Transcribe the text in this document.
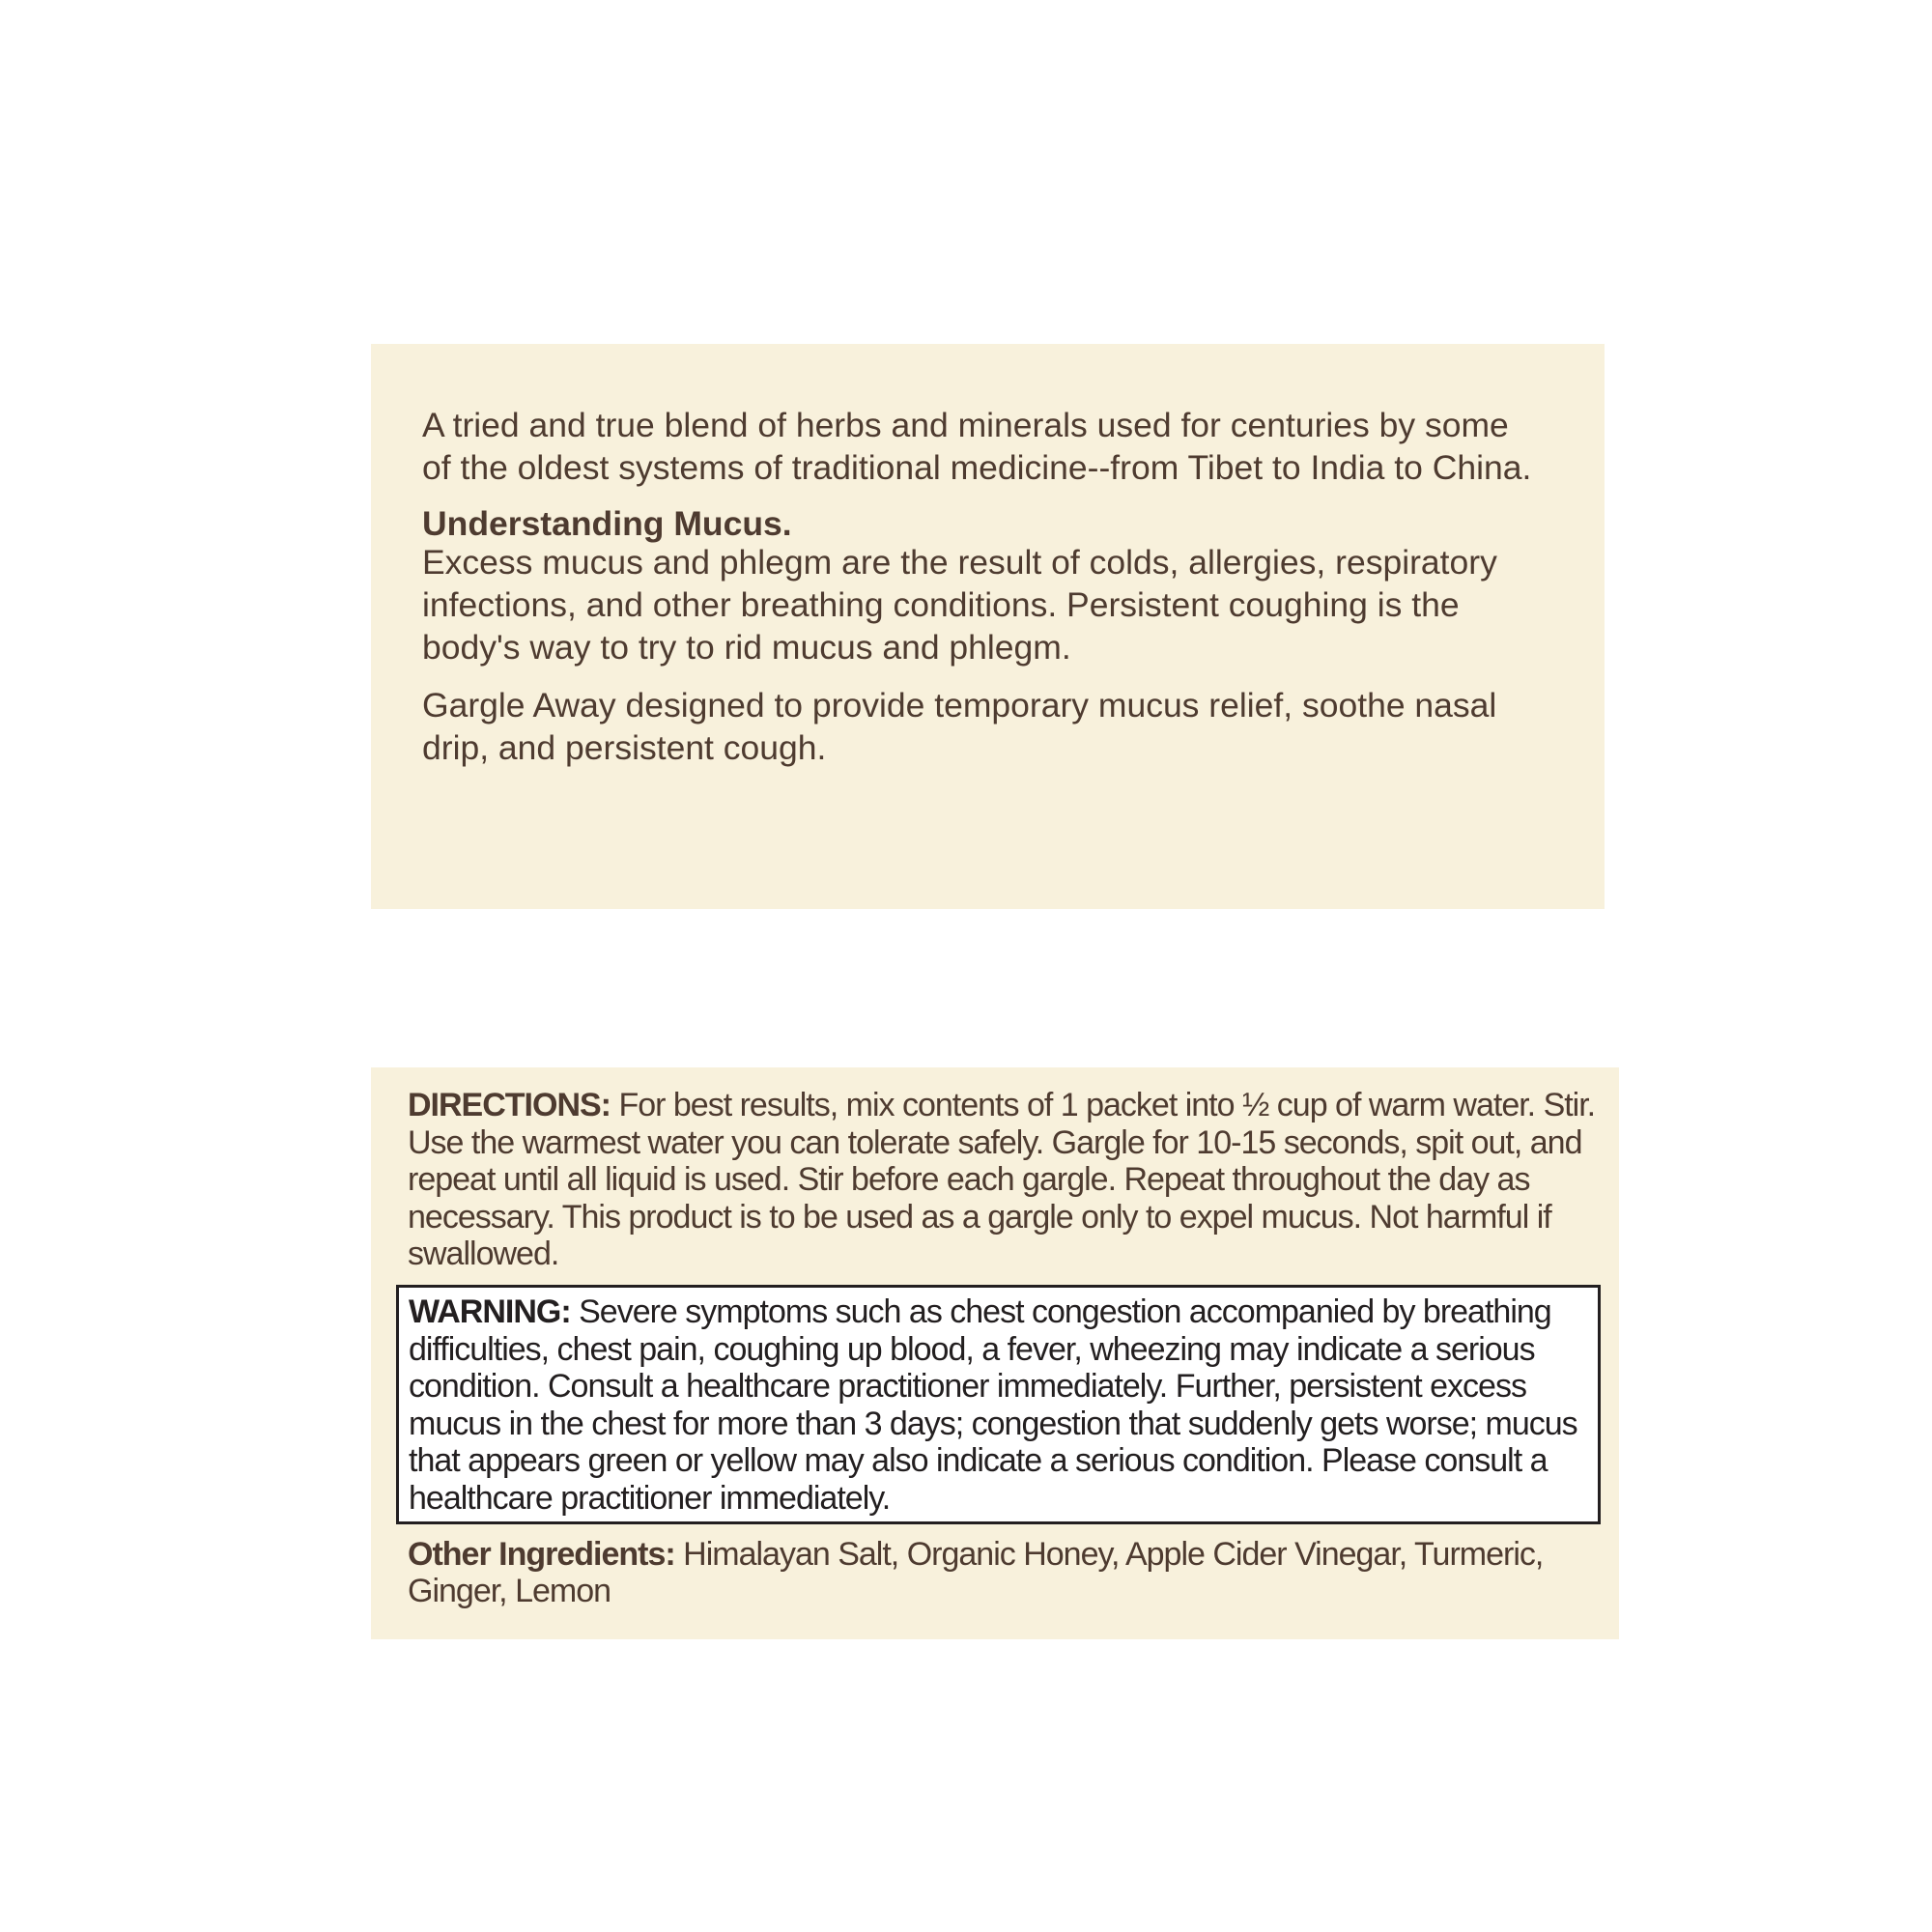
A tried and true blend of herbs and minerals used for centuries by some of the oldest systems of traditional medicine--from Tibet to India to China.

Understanding Mucus.

Excess mucus and phlegm are the result of colds, allergies, respiratory infections, and other breathing conditions. Persistent coughing is the body's way to try to rid mucus and phlegm.

Gargle Away designed to provide temporary mucus relief, soothe nasal drip, and persistent cough.

DIRECTIONS: For best results, mix contents of 1 packet into ½ cup of warm water. Stir. Use the warmest water you can tolerate safely. Gargle for 10-15 seconds, spit out, and repeat until all liquid is used. Stir before each gargle. Repeat throughout the day as necessary. This product is to be used as a gargle only to expel mucus. Not harmful if swallowed.

WARNING: Severe symptoms such as chest congestion accompanied by breathing difficulties, chest pain, coughing up blood, a fever, wheezing may indicate a serious condition. Consult a healthcare practitioner immediately. Further, persistent excess mucus in the chest for more than 3 days; congestion that suddenly gets worse; mucus that appears green or yellow may also indicate a serious condition. Please consult a healthcare practitioner immediately.

Other Ingredients: Himalayan Salt, Organic Honey, Apple Cider Vinegar, Turmeric, Ginger, Lemon
